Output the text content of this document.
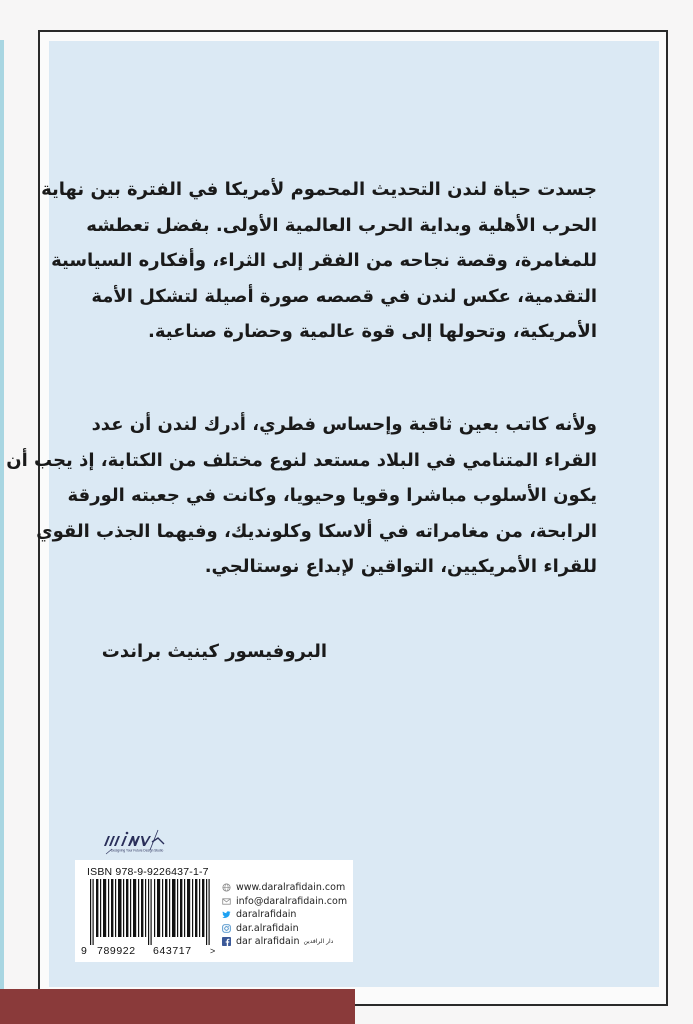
جسدت حياة لندن التحديث المحموم لأمريكا في الفترة بين نهاية
الحرب الأهلية وبداية الحرب العالمية الأولى. بفضل تعطشه
للمغامرة، وقصة نجاحه من الفقر إلى الثراء، وأفكاره السياسية
التقدمية، عكس لندن في قصصه صورة أصيلة لتشكل الأمة
الأمريكية، وتحولها إلى قوة عالمية وحضارة صناعية.
ولأنه كاتب بعين ثاقبة وإحساس فطري، أدرك لندن أن عدد
القراء المتنامي في البلاد مستعد لنوع مختلف من الكتابة، إذ يجب أن
يكون الأسلوب مباشرا وقويا وحيويا، وكانت في جعبته الورقة
الرابحة، من مغامراته في ألاسكا وكلونديك، وفيهما الجذب القوي
للقراء الأمريكيين، التواقين لإبداع نوستالجي.
البروفيسور كينيث براندت
Designing Your Future Design Studio
ISBN 978-9-9226437-1-7
9 789922 643717 >
www.daralrafidain.com
info@daralrafidain.com
daralrafidain
dar.alrafidain
dar alrafidain دار الرافدين
